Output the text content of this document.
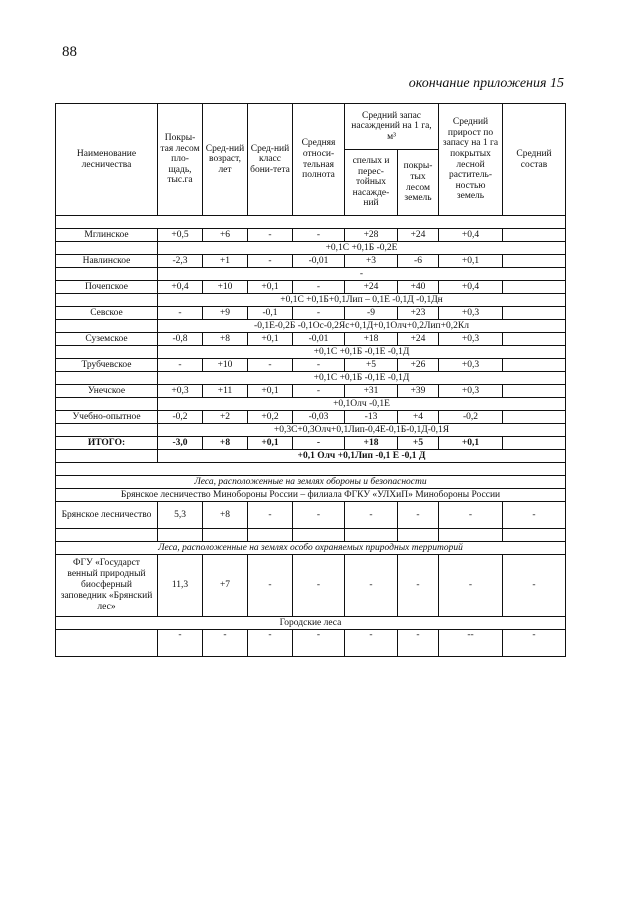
88
окончание приложения 15
Наименование лесничества	Покры-тая лесом пло-щадь, тыс.га	Сред-ний возраст, лет	Сред-ний класс бони-тета	Средняя относи-тельная полнота	Средний запас насаждений на 1 га, м³		Средний прирост по запасу на 1 га покрытых лесной раститель-ностью земель	Средний состав
					спелых и перес-тойных насажде-ний	покры-тых лесом земель		

Мглинское	+0,5	+6	-	-	+28	+24	+0,4	
	+0,1С +0,1Б -0,2Е							
Навлинское	-2,3	+1	-	-0,01	+3	-6	+0,1	
	-							
Почепское	+0,4	+10	+0,1	-	+24	+40	+0,4	
	+0,1С +0,1Б+0,1Лип – 0,1Е -0,1Д -0,1Дн							
Севское	-	+9	-0,1	-	-9	+23	+0,3	
	-0,1Е-0,2Б -0,1Ос-0,2Яс+0,1Д+0,1Олч+0,2Лип+0,2Кл							
Суземское	-0,8	+8	+0,1	-0,01	+18	+24	+0,3	
	+0,1С +0,1Б -0,1Е -0,1Д							
Трубчевское	-	+10	-	-	+5	+26	+0,3	
	+0,1С +0,1Б -0,1Е -0,1Д							
Унечское	+0,3	+11	+0,1	-	+31	+39	+0,3	
	+0,1Олч -0,1Е							
Учебно-опытное	-0,2	+2	+0,2	-0,03	-13	+4	-0,2	
	+0,3С+0,3Олч+0,1Лип-0,4Е-0,1Б-0,1Д-0,1Я							
ИТОГО:	-3,0	+8	+0,1	-	+18	+5	+0,1	
	+0,1 Олч +0,1Лип -0,1 Е -0,1 Д							

Леса, расположенные на землях обороны и безопасности								
Брянское лесничество Минобороны России – филиала ФГКУ «УЛХиП» Минобороны России								
Брянское лесничество	5,3	+8	-	-	-	-	-	-

Леса, расположенные на землях особо охраняемых природных территорий								
ФГУ «Государст венный природный биосферный заповедник «Брянский лес»	11,3	+7	-	-	-	-	-	-
Городские леса								
	-	-	-	-	-	-	--	-
